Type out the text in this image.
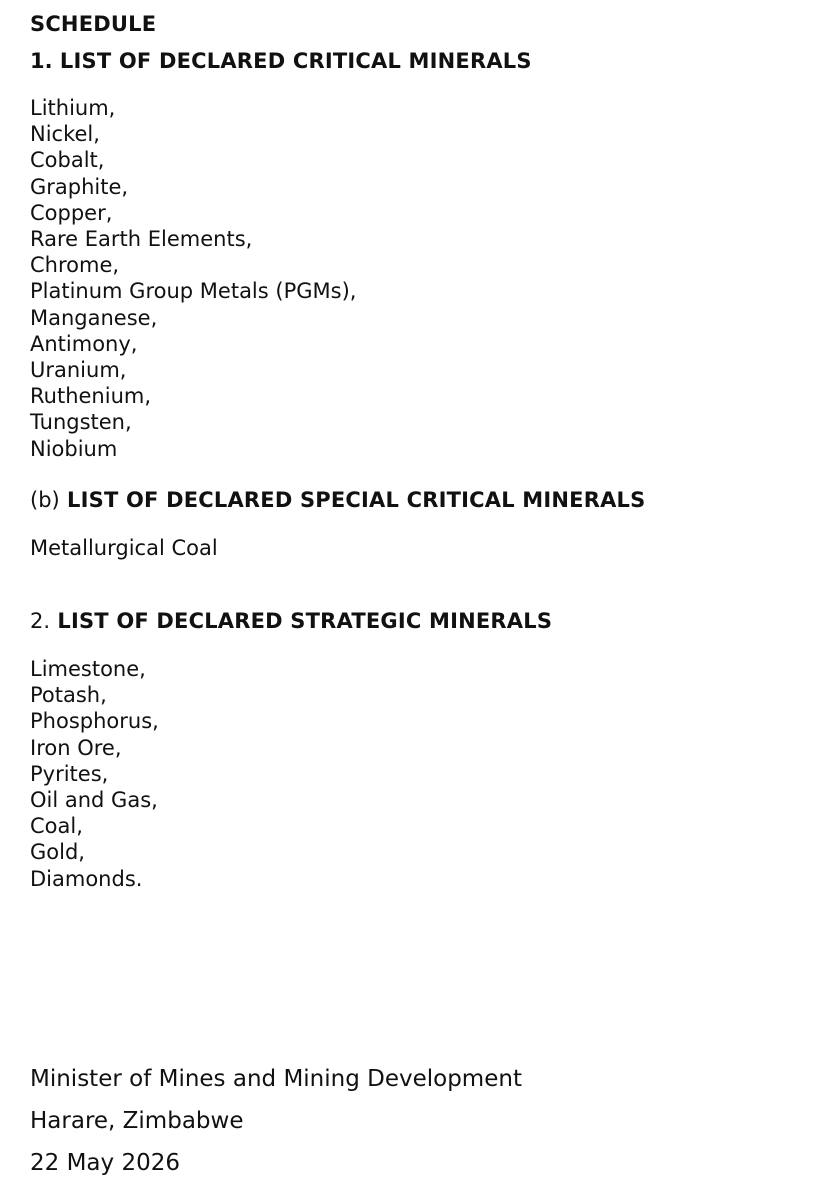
SCHEDULE
1. LIST OF DECLARED CRITICAL MINERALS
Lithium,
Nickel,
Cobalt,
Graphite,
Copper,
Rare Earth Elements,
Chrome,
Platinum Group Metals (PGMs),
Manganese,
Antimony,
Uranium,
Ruthenium,
Tungsten,
Niobium
(b) LIST OF DECLARED SPECIAL CRITICAL MINERALS
Metallurgical Coal
2. LIST OF DECLARED STRATEGIC MINERALS
Limestone,
Potash,
Phosphorus,
Iron Ore,
Pyrites,
Oil and Gas,
Coal,
Gold,
Diamonds.
Minister of Mines and Mining Development
Harare, Zimbabwe
22 May 2026
